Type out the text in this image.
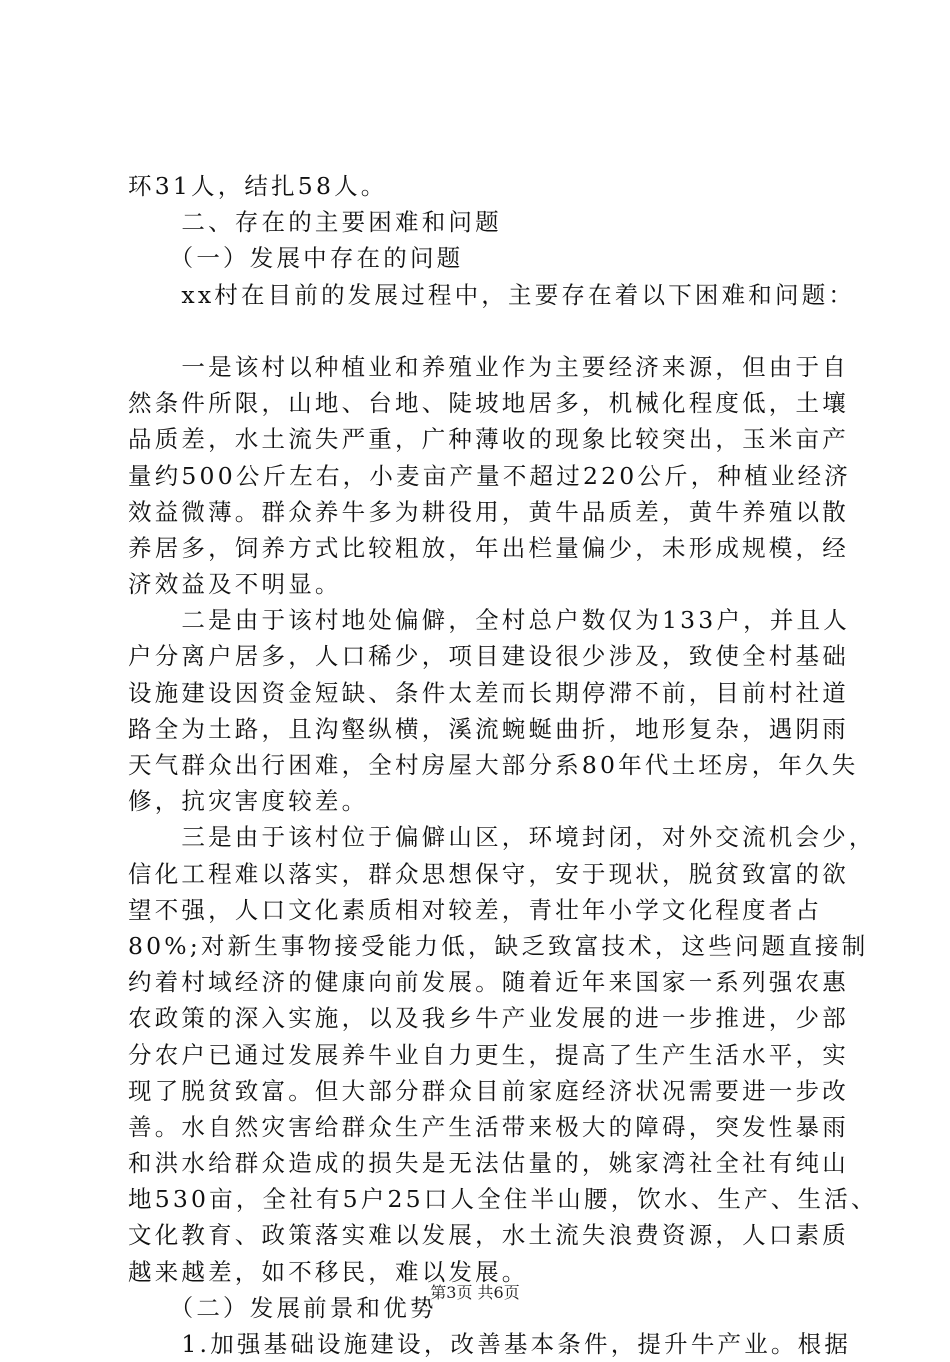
环31人，结扎58人。
　　二、存在的主要困难和问题
　　（一）发展中存在的问题
　　xx村在目前的发展过程中，主要存在着以下困难和问题：
　　一是该村以种植业和养殖业作为主要经济来源，但由于自
然条件所限，山地、台地、陡坡地居多，机械化程度低，土壤
品质差，水土流失严重，广种薄收的现象比较突出，玉米亩产
量约500公斤左右，小麦亩产量不超过220公斤，种植业经济
效益微薄。群众养牛多为耕役用，黄牛品质差，黄牛养殖以散
养居多，饲养方式比较粗放，年出栏量偏少，未形成规模，经
济效益及不明显。
　　二是由于该村地处偏僻，全村总户数仅为133户，并且人
户分离户居多，人口稀少，项目建设很少涉及，致使全村基础
设施建设因资金短缺、条件太差而长期停滞不前，目前村社道
路全为土路，且沟壑纵横，溪流蜿蜒曲折，地形复杂，遇阴雨
天气群众出行困难，全村房屋大部分系80年代土坯房，年久失
修，抗灾害度较差。
　　三是由于该村位于偏僻山区，环境封闭，对外交流机会少，
信化工程难以落实，群众思想保守，安于现状，脱贫致富的欲
望不强，人口文化素质相对较差，青壮年小学文化程度者占
80%;对新生事物接受能力低，缺乏致富技术，这些问题直接制
约着村域经济的健康向前发展。随着近年来国家一系列强农惠
农政策的深入实施，以及我乡牛产业发展的进一步推进，少部
分农户已通过发展养牛业自力更生，提高了生产生活水平，实
现了脱贫致富。但大部分群众目前家庭经济状况需要进一步改
善。水自然灾害给群众生产生活带来极大的障碍，突发性暴雨
和洪水给群众造成的损失是无法估量的，姚家湾社全社有纯山
地530亩，全社有5户25口人全住半山腰，饮水、生产、生活、
文化教育、政策落实难以发展，水土流失浪费资源，人口素质
越来越差，如不移民，难以发展。
　　（二）发展前景和优势
　　1.加强基础设施建设，改善基本条件，提升牛产业。根据
第3页 共6页
